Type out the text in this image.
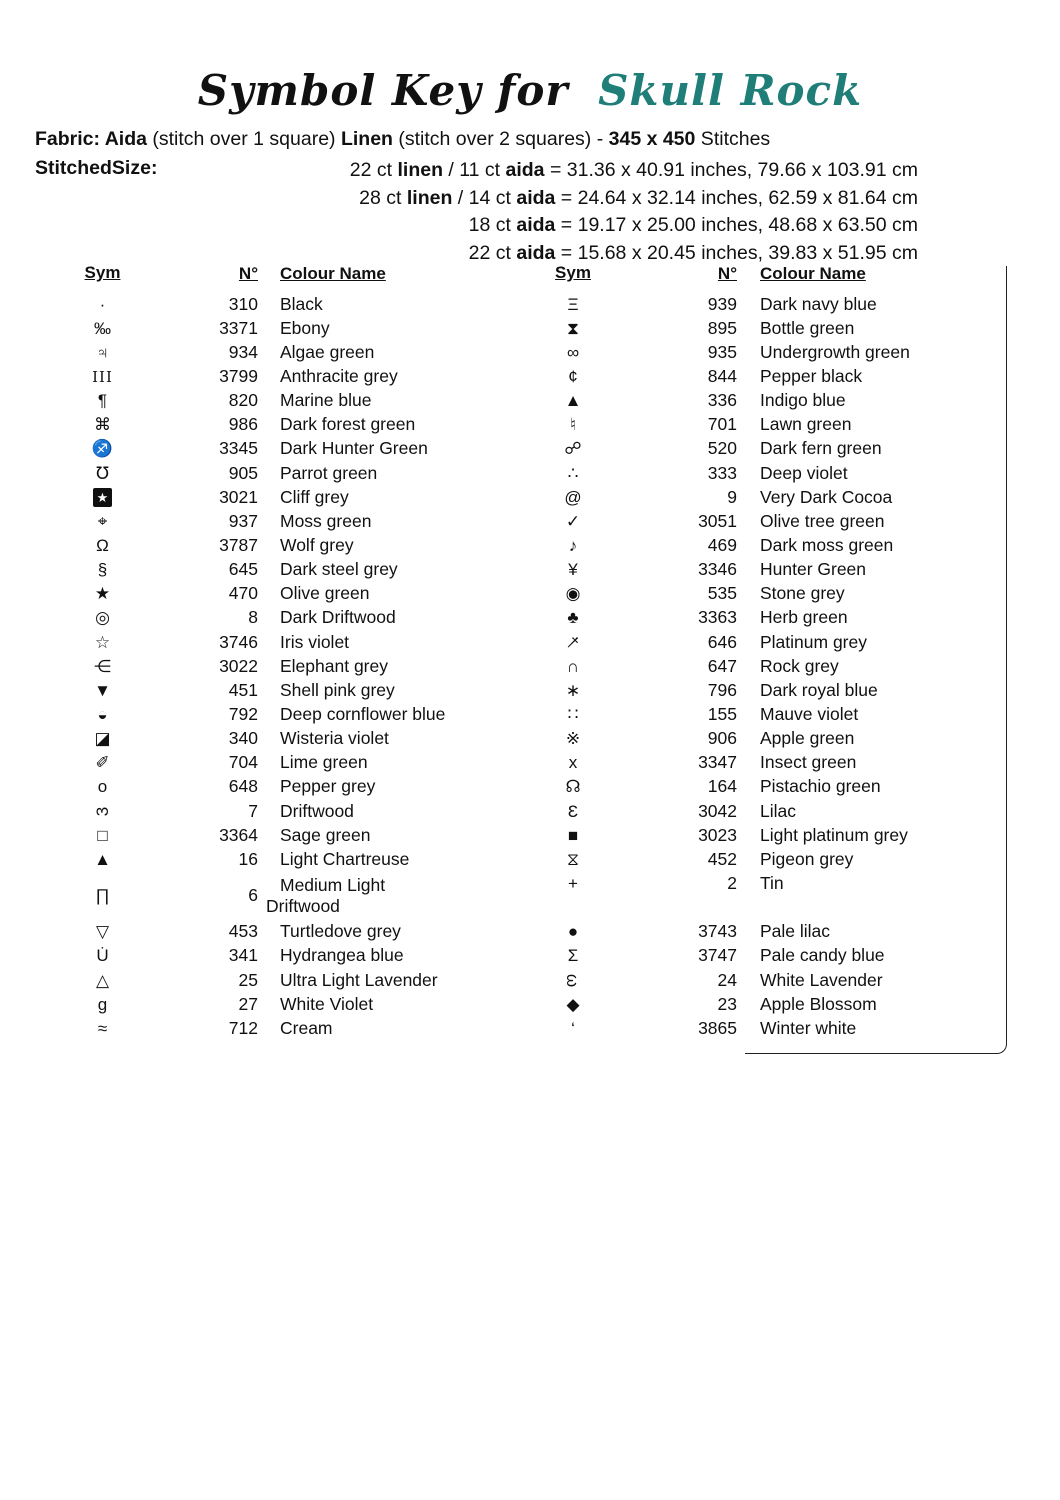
Symbol Key for Skull Rock
Fabric: Aida (stitch over 1 square) Linen (stitch over 2 squares) - 345 x 450 Stitches
StitchedSize:	22 ct linen / 11 ct aida = 31.36 x 40.91 inches, 79.66 x 103.91 cm
28 ct linen / 14 ct aida = 24.64 x 32.14 inches, 62.59 x 81.64 cm
18 ct aida = 19.17 x 25.00 inches, 48.68 x 63.50 cm
22 ct aida = 15.68 x 20.45 inches, 39.83 x 51.95 cm
Sym	N°	Colour Name
·	310	Black
‰	3371	Ebony
♃	934	Algae green
III	3799	Anthracite grey
¶	820	Marine blue
⌘	986	Dark forest green
♐	3345	Dark Hunter Green
℧	905	Parrot green
★	3021	Cliff grey
⌖	937	Moss green
Ω	3787	Wolf grey
§	645	Dark steel grey
★	470	Olive green
◎	8	Dark Driftwood
☆	3746	Iris violet
⋲	3022	Elephant grey
▼	451	Shell pink grey
◒	792	Deep cornflower blue
◪	340	Wisteria violet
✐	704	Lime green
o	648	Pepper grey
3	7	Driftwood
□	3364	Sage green
▲	16	Light Chartreuse
∏	6
Medium Light
Driftwood
▽	453	Turtledove grey
U̇	341	Hydrangea blue
△	25	Ultra Light Lavender
g	27	White Violet
≈	712	Cream
Sym	N°	Colour Name
Ξ	939	Dark navy blue
⧗	895	Bottle green
∞	935	Undergrowth green
¢	844	Pepper black
▲	336	Indigo blue
♮	701	Lawn green
☍	520	Dark fern green
∴	333	Deep violet
@	9	Very Dark Cocoa
✓	3051	Olive tree green
♪	469	Dark moss green
¥	3346	Hunter Green
◉	535	Stone grey
♣	3363	Herb green
†	646	Platinum grey
∩	647	Rock grey
∗	796	Dark royal blue
∷	155	Mauve violet
※	906	Apple green
x	3347	Insect green
☊	164	Pistachio green
Ɛ	3042	Lilac
■	3023	Light platinum grey
⧖	452	Pigeon grey
+	2	Tin
●	3743	Pale lilac
Σ	3747	Pale candy blue
ω	24	White Lavender
◆	23	Apple Blossom
‘	3865	Winter white
